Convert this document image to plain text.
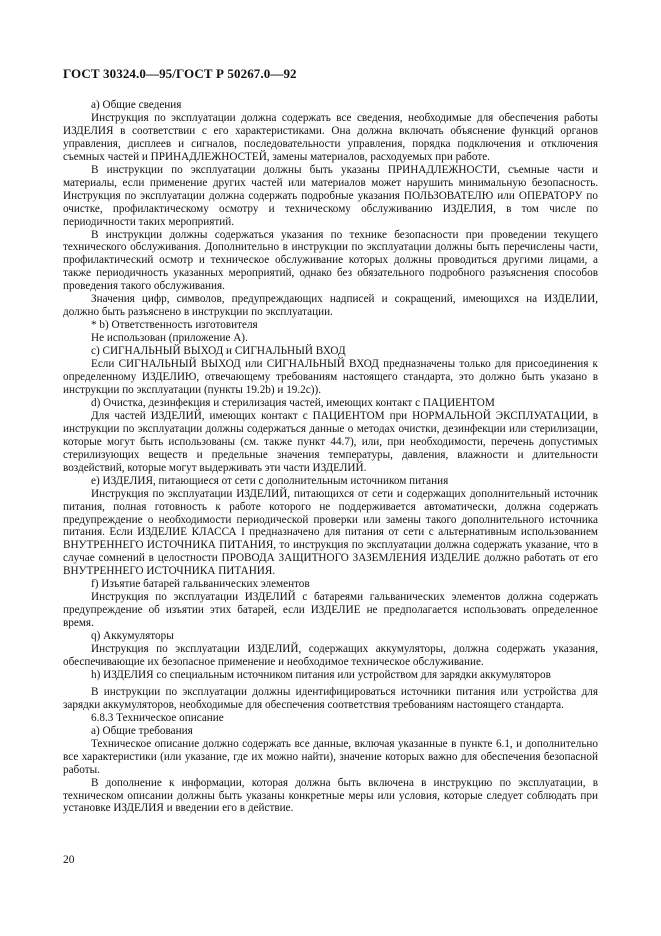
ГОСТ 30324.0—95/ГОСТ Р 50267.0—92

а) Общие сведения

Инструкция по эксплуатации должна содержать все сведения, необходимые для обеспечения работы ИЗДЕЛИЯ в соответствии с его характеристиками. Она должна включать объяснение функций органов управления, дисплеев и сигналов, последовательности управления, порядка подключения и отключения съемных частей и ПРИНАДЛЕЖНОСТЕЙ, замены материалов, расходуемых при работе.

В инструкции по эксплуатации должны быть указаны ПРИНАДЛЕЖНОСТИ, съемные части и материалы, если применение других частей или материалов может нарушить минимальную безопасность. Инструкция по эксплуатации должна содержать подробные указания ПОЛЬЗОВАТЕЛЮ или ОПЕРАТОРУ по очистке, профилактическому осмотру и техническому обслуживанию ИЗДЕЛИЯ, в том числе по периодичности таких мероприятий.

В инструкции должны содержаться указания по технике безопасности при проведении текущего технического обслуживания. Дополнительно в инструкции по эксплуатации должны быть перечислены части, профилактический осмотр и техническое обслуживание которых должны проводиться другими лицами, а также периодичность указанных мероприятий, однако без обязательного подробного разъяснения способов проведения такого обслуживания.

Значения цифр, символов, предупреждающих надписей и сокращений, имеющихся на ИЗДЕЛИИ, должно быть разъяснено в инструкции по эксплуатации.

* b) Ответственность изготовителя

Не использован (приложение А).

с) СИГНАЛЬНЫЙ ВЫХОД и СИГНАЛЬНЫЙ ВХОД

Если СИГНАЛЬНЫЙ ВЫХОД или СИГНАЛЬНЫЙ ВХОД предназначены только для присоединения к определенному ИЗДЕЛИЮ, отвечающему требованиям настоящего стандарта, это должно быть указано в инструкции по эксплуатации (пункты 19.2b) и 19.2c)).

d) Очистка, дезинфекция и стерилизация частей, имеющих контакт с ПАЦИЕНТОМ

Для частей ИЗДЕЛИЙ, имеющих контакт с ПАЦИЕНТОМ при НОРМАЛЬНОЙ ЭКСПЛУАТАЦИИ, в инструкции по эксплуатации должны содержаться данные о методах очистки, дезинфекции или стерилизации, которые могут быть использованы (см. также пункт 44.7), или, при необходимости, перечень допустимых стерилизующих веществ и предельные значения температуры, давления, влажности и длительности воздействий, которые могут выдерживать эти части ИЗДЕЛИЙ.

е) ИЗДЕЛИЯ, питающиеся от сети с дополнительным источником питания

Инструкция по эксплуатации ИЗДЕЛИЙ, питающихся от сети и содержащих дополнительный источник питания, полная готовность к работе которого не поддерживается автоматически, должна содержать предупреждение о необходимости периодической проверки или замены такого дополнительного источника питания. Если ИЗДЕЛИЕ КЛАССА I предназначено для питания от сети с альтернативным использованием ВНУТРЕННЕГО ИСТОЧНИКА ПИТАНИЯ, то инструкция по эксплуатации должна содержать указание, что в случае сомнений в целостности ПРОВОДА ЗАЩИТНОГО ЗАЗЕМЛЕНИЯ ИЗДЕЛИЕ должно работать от его ВНУТРЕННЕГО ИСТОЧНИКА ПИТАНИЯ.

f) Изъятие батарей гальванических элементов

Инструкция по эксплуатации ИЗДЕЛИЙ с батареями гальванических элементов должна содержать предупреждение об изъятии этих батарей, если ИЗДЕЛИЕ не предполагается использовать определенное время.

q) Аккумуляторы

Инструкция по эксплуатации ИЗДЕЛИЙ, содержащих аккумуляторы, должна содержать указания, обеспечивающие их безопасное применение и необходимое техническое обслуживание.

h) ИЗДЕЛИЯ со специальным источником питания или устройством для зарядки аккумуляторов

В инструкции по эксплуатации должны идентифицироваться источники питания или устройства для зарядки аккумуляторов, необходимые для обеспечения соответствия требованиям настоящего стандарта.

6.8.3 Техническое описание

а) Общие требования

Техническое описание должно содержать все данные, включая указанные в пункте 6.1, и дополнительно все характеристики (или указание, где их можно найти), значение которых важно для обеспечения безопасной работы.

В дополнение к информации, которая должна быть включена в инструкцию по эксплуатации, в техническом описании должны быть указаны конкретные меры или условия, которые следует соблюдать при установке ИЗДЕЛИЯ и введении его в действие.

20
